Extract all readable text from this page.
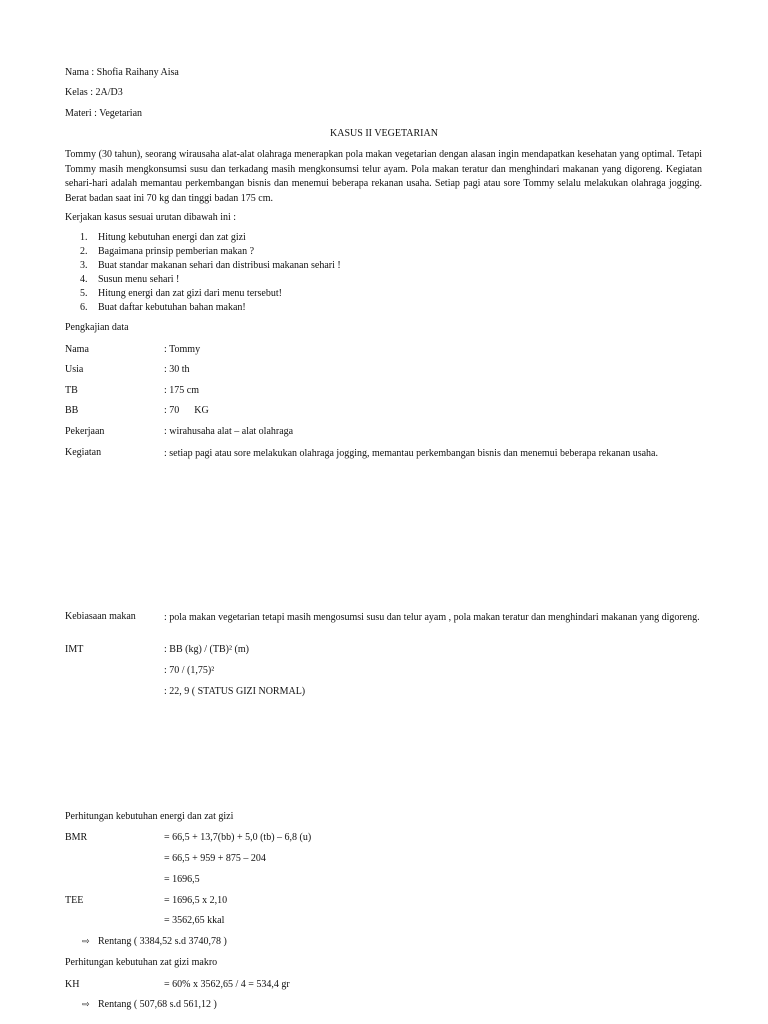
Nama : Shofia Raihany Aisa
Kelas : 2A/D3
Materi : Vegetarian
KASUS II VEGETARIAN
Tommy (30 tahun), seorang wirausaha alat-alat olahraga menerapkan pola makan vegetarian dengan alasan ingin mendapatkan kesehatan yang optimal. Tetapi Tommy masih mengkonsumsi susu dan terkadang masih mengkonsumsi telur ayam. Pola makan teratur dan menghindari makanan yang digoreng. Kegiatan sehari-hari adalah memantau perkembangan bisnis dan menemui beberapa rekanan usaha. Setiap pagi atau sore Tommy selalu melakukan olahraga jogging. Berat badan saat ini 70 kg dan tinggi badan 175 cm.
Kerjakan kasus sesuai urutan dibawah ini :
1. Hitung kebutuhan energi dan zat gizi
2. Bagaimana prinsip pemberian makan ?
3. Buat standar makanan sehari dan distribusi makanan sehari !
4. Susun menu sehari !
5. Hitung energi dan zat gizi dari menu tersebut!
6. Buat daftar kebutuhan bahan makan!
Pengkajian data
Nama	: Tommy
Usia	: 30 th
TB	: 175 cm
BB	: 70      KG
Pekerjaan	: wirahusaha alat – alat olahraga
Kegiatan	: setiap pagi atau sore melakukan olahraga jogging, memantau perkembangan bisnis dan menemui beberapa rekanan usaha.
Kebiasaan makan	: pola makan vegetarian tetapi masih mengosumsi susu dan telur ayam , pola makan teratur dan menghindari makanan yang digoreng.
IMT	: BB (kg) / (TB)² (m)
: 70 / (1,75)²
: 22, 9 ( STATUS GIZI NORMAL)
Perhitungan kebutuhan energi dan zat gizi
BMR	= 66,5 + 13,7(bb) + 5,0 (tb) – 6,8 (u)
= 66,5 + 959 + 875 – 204
= 1696,5
TEE	= 1696,5 x 2,10
= 3562,65 kkal
⇨ Rentang ( 3384,52 s.d 3740,78 )
Perhitungan kebutuhan zat gizi makro
KH	= 60% x 3562,65 / 4 = 534,4 gr
⇨ Rentang ( 507,68 s.d 561,12 )
